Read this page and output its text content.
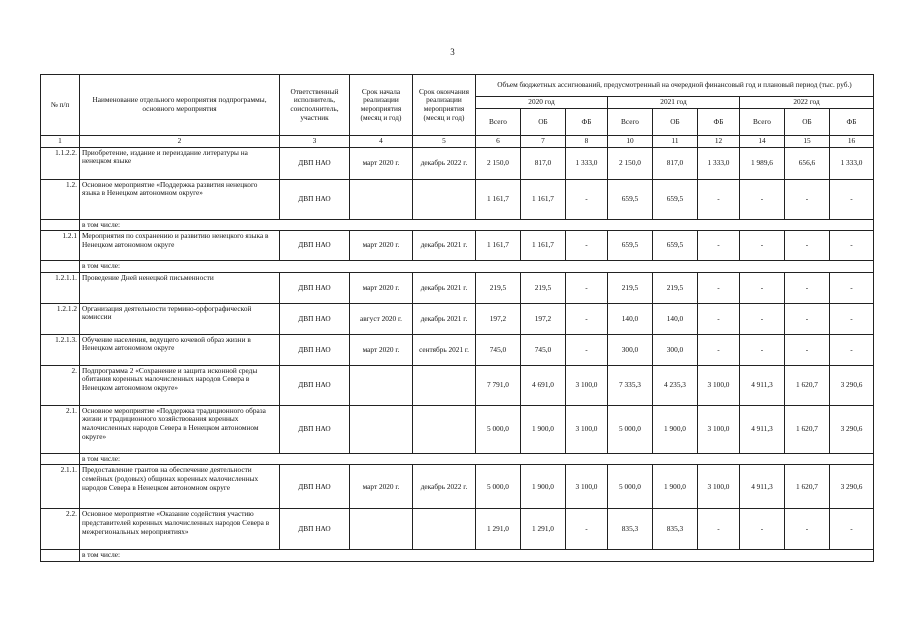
3
№ п/п	Наименование отдельного мероприятия подпрограммы, основного мероприятия	Ответственный исполнитель, соисполнитель, участник	Срок начала реализации мероприятия (месяц и год)	Срок окончания реализации мероприятия (месяц и год)	Объем бюджетных ассигнований, предусмотренный на очередной финансовый год и плановый период (тыс. руб.)								
					2020 год			2021 год			2022 год		
					Всего	ОБ	ФБ	Всего	ОБ	ФБ	Всего	ОБ	ФБ
1	2	3	4	5	6	7	8	10	11	12	14	15	16
1.1.2.2.	Приобретение, издание и переиздание литературы на ненецком языке	ДВП НАО	март 2020 г.	декабрь 2022 г.	2 150,0	817,0	1 333,0	2 150,0	817,0	1 333,0	1 989,6	656,6	1 333,0
1.2.	Основное мероприятие «Поддержка развития ненецкого языка в Ненецком автономном округе»	ДВП НАО			1 161,7	1 161,7	-	659,5	659,5	-	-	-	-
	в том числе:												
1.2.1	Мероприятия по сохранению и развитию ненецкого языка в Ненецком автономном округе	ДВП НАО	март 2020 г.	декабрь 2021 г.	1 161,7	1 161,7	-	659,5	659,5	-	-	-	-
	в том числе:												
1.2.1.1.	Проведение Дней ненецкой письменности	ДВП НАО	март 2020 г.	декабрь 2021 г.	219,5	219,5	-	219,5	219,5	-	-	-	-
1.2.1.2	Организация деятельности терминo-орфографической комиссии	ДВП НАО	август 2020 г.	декабрь 2021 г.	197,2	197,2	-	140,0	140,0	-	-	-	-
1.2.1.3.	Обучение населения, ведущего кочевой образ жизни в Ненецком автономном округе	ДВП НАО	март 2020 г.	сентябрь 2021 г.	745,0	745,0	-	300,0	300,0	-	-	-	-
2.	Подпрограмма 2 «Сохранение и защита исконной среды обитания коренных малочисленных народов Севера в Ненецком автономном округе»	ДВП НАО			7 791,0	4 691,0	3 100,0	7 335,3	4 235,3	3 100,0	4 911,3	1 620,7	3 290,6
2.1.	Основное мероприятие «Поддержка традиционного образа жизни и традиционного хозяйствования коренных малочисленных народов Севера в Ненецком автономном округе»	ДВП НАО			5 000,0	1 900,0	3 100,0	5 000,0	1 900,0	3 100,0	4 911,3	1 620,7	3 290,6
	в том числе:												
2.1.1.	Предоставление грантов на обеспечение деятельности семейных (родовых) общинах коренных малочисленных народов Севера в Ненецком автономном округе	ДВП НАО	март 2020 г.	декабрь 2022 г.	5 000,0	1 900,0	3 100,0	5 000,0	1 900,0	3 100,0	4 911,3	1 620,7	3 290,6
2.2.	Основное мероприятие «Оказание содействия участию представителей коренных малочисленных народов Севера в межрегиональных мероприятиях»	ДВП НАО			1 291,0	1 291,0	-	835,3	835,3	-	-	-	-
	в том числе:												
